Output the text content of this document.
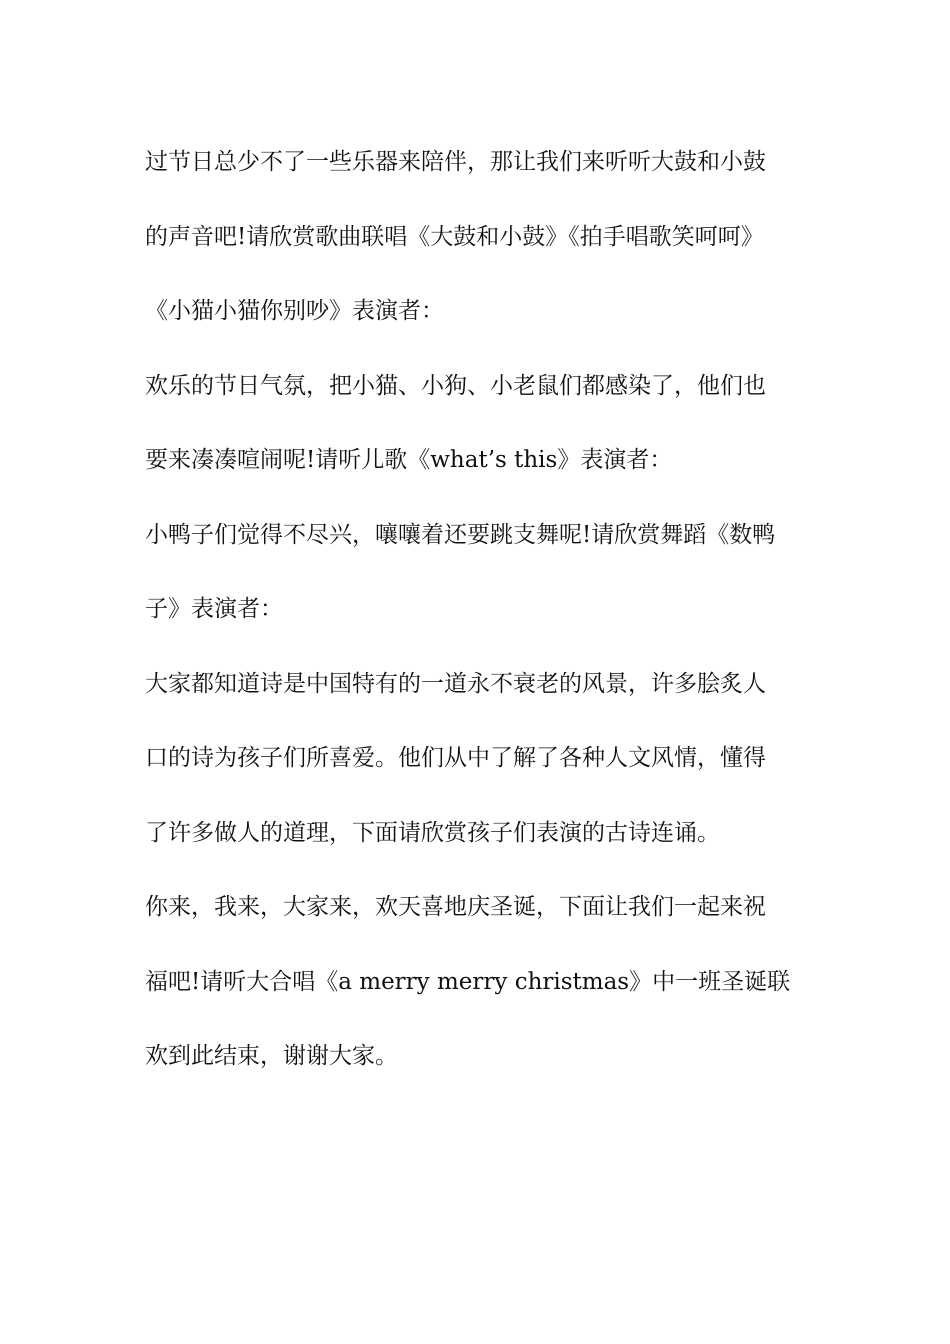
过节日总少不了一些乐器来陪伴，那让我们来听听大鼓和小鼓
的声音吧!请欣赏歌曲联唱《大鼓和小鼓》《拍手唱歌笑呵呵》
《小猫小猫你别吵》表演者：
欢乐的节日气氛，把小猫、小狗、小老鼠们都感染了，他们也
要来凑凑喧闹呢!请听儿歌《what’s this》表演者：
小鸭子们觉得不尽兴，嚷嚷着还要跳支舞呢!请欣赏舞蹈《数鸭
子》表演者：
大家都知道诗是中国特有的一道永不衰老的风景，许多脍炙人
口的诗为孩子们所喜爱。他们从中了解了各种人文风情，懂得
了许多做人的道理，下面请欣赏孩子们表演的古诗连诵。
你来，我来，大家来，欢天喜地庆圣诞，下面让我们一起来祝
福吧!请听大合唱《a merry merry christmas》中一班圣诞联
欢到此结束，谢谢大家。
